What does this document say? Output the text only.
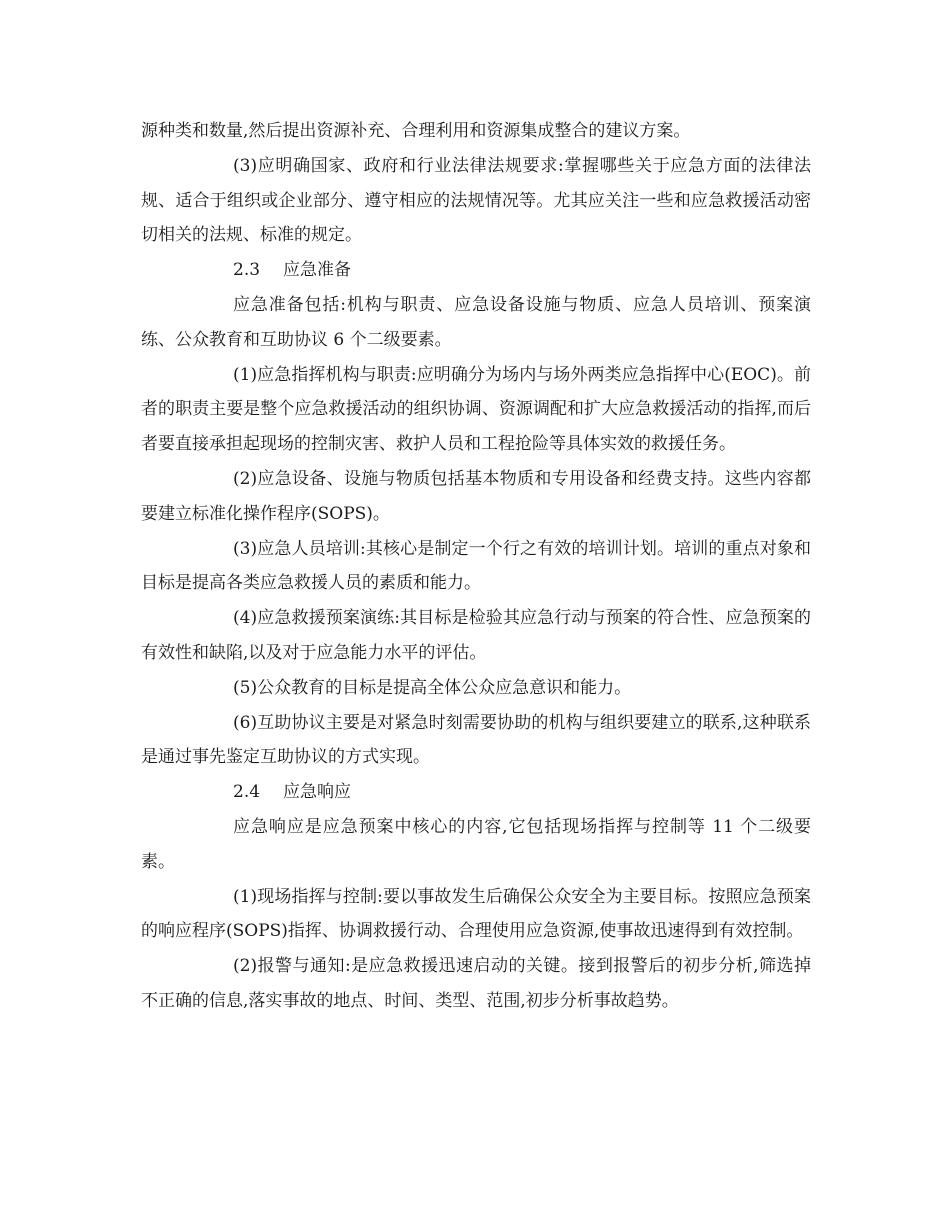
源种类和数量,然后提出资源补充、合理利用和资源集成整合的建议方案。

(3)应明确国家、政府和行业法律法规要求:掌握哪些关于应急方面的法律法规、适合于组织或企业部分、遵守相应的法规情况等。尤其应关注一些和应急救援活动密切相关的法规、标准的规定。

2.3 应急准备

应急准备包括:机构与职责、应急设备设施与物质、应急人员培训、预案演练、公众教育和互助协议 6 个二级要素。

(1)应急指挥机构与职责:应明确分为场内与场外两类应急指挥中心(EOC)。前者的职责主要是整个应急救援活动的组织协调、资源调配和扩大应急救援活动的指挥,而后者要直接承担起现场的控制灾害、救护人员和工程抢险等具体实效的救援任务。

(2)应急设备、设施与物质包括基本物质和专用设备和经费支持。这些内容都要建立标准化操作程序(SOPS)。

(3)应急人员培训:其核心是制定一个行之有效的培训计划。培训的重点对象和目标是提高各类应急救援人员的素质和能力。

(4)应急救援预案演练:其目标是检验其应急行动与预案的符合性、应急预案的有效性和缺陷,以及对于应急能力水平的评估。

(5)公众教育的目标是提高全体公众应急意识和能力。

(6)互助协议主要是对紧急时刻需要协助的机构与组织要建立的联系,这种联系是通过事先鉴定互助协议的方式实现。

2.4 应急响应

应急响应是应急预案中核心的内容,它包括现场指挥与控制等 11 个二级要素。

(1)现场指挥与控制:要以事故发生后确保公众安全为主要目标。按照应急预案的响应程序(SOPS)指挥、协调救援行动、合理使用应急资源,使事故迅速得到有效控制。

(2)报警与通知:是应急救援迅速启动的关键。接到报警后的初步分析,筛选掉不正确的信息,落实事故的地点、时间、类型、范围,初步分析事故趋势。
